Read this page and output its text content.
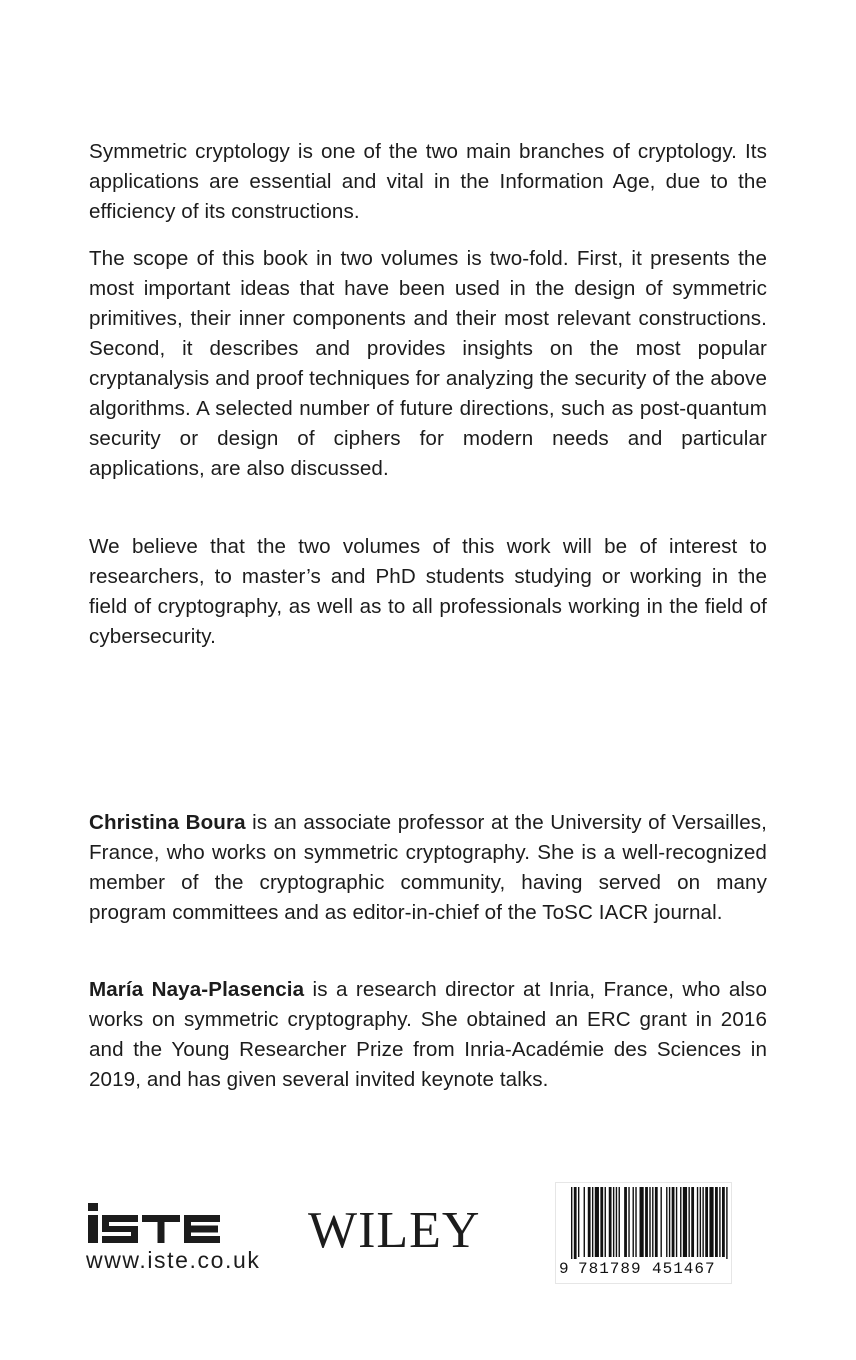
Symmetric cryptology is one of the two main branches of cryptology. Its applications are essential and vital in the Information Age, due to the efficiency of its constructions.

The scope of this book in two volumes is two-fold. First, it presents the most important ideas that have been used in the design of symmetric primitives, their inner components and their most relevant constructions. Second, it describes and provides insights on the most popular cryptanalysis and proof techniques for analyzing the security of the above algorithms. A selected number of future directions, such as post-quantum security or design of ciphers for modern needs and particular applications, are also discussed.

We believe that the two volumes of this work will be of interest to researchers, to master’s and PhD students studying or working in the field of cryptography, as well as to all professionals working in the field of cybersecurity.

Christina Boura is an associate professor at the University of Versailles, France, who works on symmetric cryptography. She is a well-recognized member of the cryptographic community, having served on many program committees and as editor-in-chief of the ToSC IACR journal.

María Naya-Plasencia is a research director at Inria, France, who also works on symmetric cryptography. She obtained an ERC grant in 2016 and the Young Researcher Prize from Inria-Académie des Sciences in 2019, and has given several invited keynote talks.

www.iste.co.uk

WILEY

9 781789 451467
